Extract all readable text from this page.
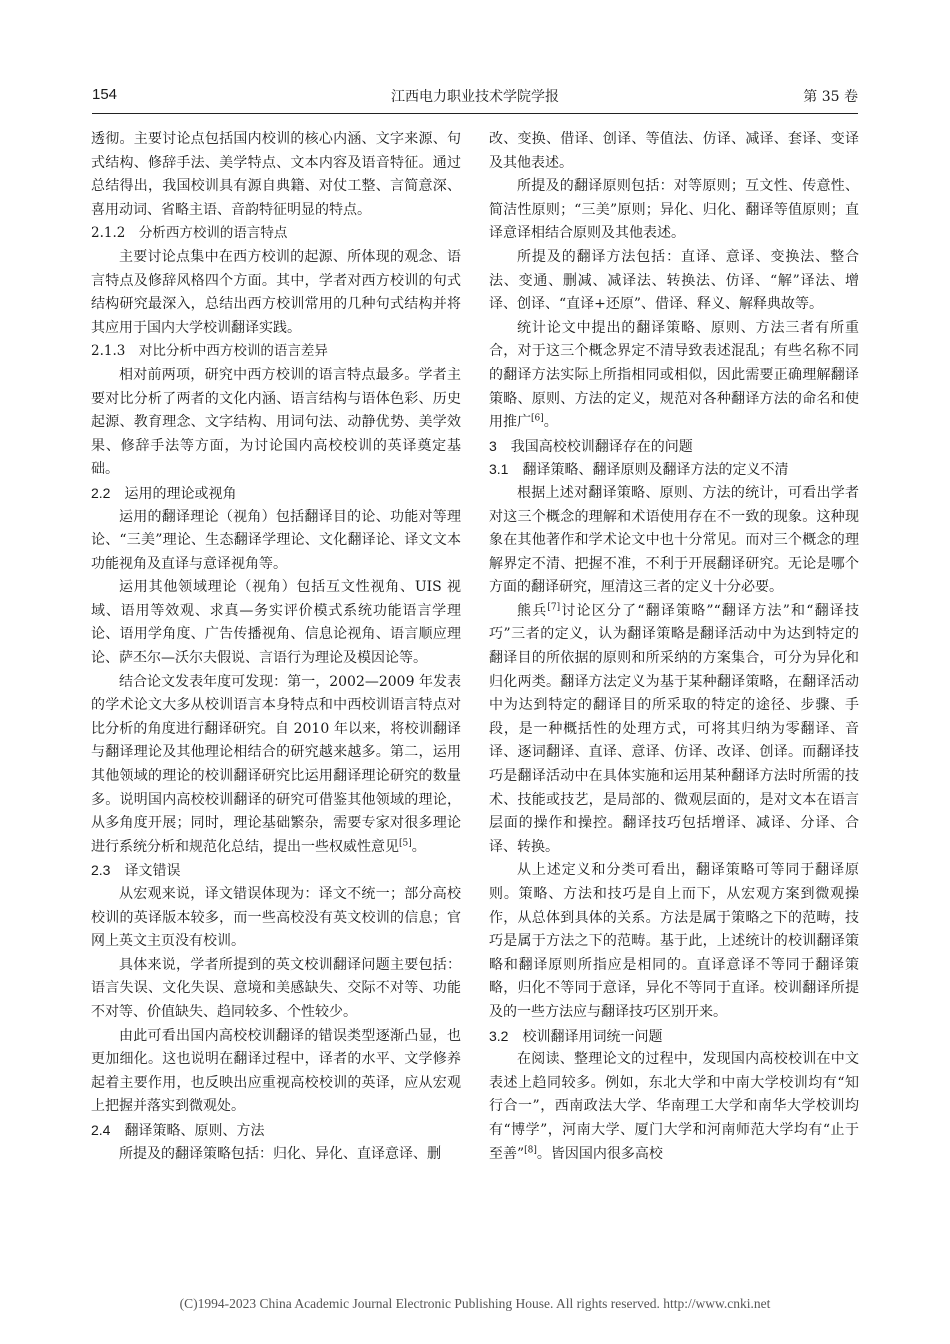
154	江西电力职业技术学院学报	第 35 卷

透彻。主要讨论点包括国内校训的核心内涵、文字来源、句式结构、修辞手法、美学特点、文本内容及语音特征。通过总结得出，我国校训具有源自典籍、对仗工整、言简意深、喜用动词、省略主语、音韵特征明显的特点。

2.1.2　分析西方校训的语言特点

主要讨论点集中在西方校训的起源、所体现的观念、语言特点及修辞风格四个方面。其中，学者对西方校训的句式结构研究最深入，总结出西方校训常用的几种句式结构并将其应用于国内大学校训翻译实践。

2.1.3　对比分析中西方校训的语言差异

相对前两项，研究中西方校训的语言特点最多。学者主要对比分析了两者的文化内涵、语言结构与语体色彩、历史起源、教育理念、文字结构、用词句法、动静优势、美学效果、修辞手法等方面，为讨论国内高校校训的英译奠定基础。

2.2　运用的理论或视角

运用的翻译理论（视角）包括翻译目的论、功能对等理论、“三美”理论、生态翻译学理论、文化翻译论、译文文本功能视角及直译与意译视角等。

运用其他领域理论（视角）包括互文性视角、UIS 视域、语用等效观、求真—务实评价模式系统功能语言学理论、语用学角度、广告传播视角、信息论视角、语言顺应理论、萨丕尔—沃尔夫假说、言语行为理论及模因论等。

结合论文发表年度可发现：第一，2002—2009 年发表的学术论文大多从校训语言本身特点和中西校训语言特点对比分析的角度进行翻译研究。自 2010 年以来，将校训翻译与翻译理论及其他理论相结合的研究越来越多。第二，运用其他领域的理论的校训翻译研究比运用翻译理论研究的数量多。说明国内高校校训翻译的研究可借鉴其他领域的理论，从多角度开展；同时，理论基础繁杂，需要专家对很多理论进行系统分析和规范化总结，提出一些权威性意见[5]。

2.3　译文错误

从宏观来说，译文错误体现为：译文不统一；部分高校校训的英译版本较多，而一些高校没有英文校训的信息；官网上英文主页没有校训。

具体来说，学者所提到的英文校训翻译问题主要包括：语言失误、文化失误、意境和美感缺失、交际不对等、功能不对等、价值缺失、趋同较多、个性较少。

由此可看出国内高校校训翻译的错误类型逐渐凸显，也更加细化。这也说明在翻译过程中，译者的水平、文学修养起着主要作用，也反映出应重视高校校训的英译，应从宏观上把握并落实到微观处。

2.4　翻译策略、原则、方法

所提及的翻译策略包括：归化、异化、直译意译、删

改、变换、借译、创译、等值法、仿译、减译、套译、变译及其他表述。

所提及的翻译原则包括：对等原则；互文性、传意性、简洁性原则；“三美”原则；异化、归化、翻译等值原则；直译意译相结合原则及其他表述。

所提及的翻译方法包括：直译、意译、变换法、整合法、变通、删减、减译法、转换法、仿译、“解”译法、增译、创译、“直译+还原”、借译、释义、解释典故等。

统计论文中提出的翻译策略、原则、方法三者有所重合，对于这三个概念界定不清导致表述混乱；有些名称不同的翻译方法实际上所指相同或相似，因此需要正确理解翻译策略、原则、方法的定义，规范对各种翻译方法的命名和使用推广[6]。

3　我国高校校训翻译存在的问题
3.1　翻译策略、翻译原则及翻译方法的定义不清

根据上述对翻译策略、原则、方法的统计，可看出学者对这三个概念的理解和术语使用存在不一致的现象。这种现象在其他著作和学术论文中也十分常见。而对三个概念的理解界定不清、把握不准，不利于开展翻译研究。无论是哪个方面的翻译研究，厘清这三者的定义十分必要。

熊兵[7]讨论区分了“翻译策略”“翻译方法”和“翻译技巧”三者的定义，认为翻译策略是翻译活动中为达到特定的翻译目的所依据的原则和所采纳的方案集合，可分为异化和归化两类。翻译方法定义为基于某种翻译策略，在翻译活动中为达到特定的翻译目的所采取的特定的途径、步骤、手段，是一种概括性的处理方式，可将其归纳为零翻译、音译、逐词翻译、直译、意译、仿译、改译、创译。而翻译技巧是翻译活动中在具体实施和运用某种翻译方法时所需的技术、技能或技艺，是局部的、微观层面的，是对文本在语言层面的操作和操控。翻译技巧包括增译、减译、分译、合译、转换。

从上述定义和分类可看出，翻译策略可等同于翻译原则。策略、方法和技巧是自上而下，从宏观方案到微观操作，从总体到具体的关系。方法是属于策略之下的范畴，技巧是属于方法之下的范畴。基于此，上述统计的校训翻译策略和翻译原则所指应是相同的。直译意译不等同于翻译策略，归化不等同于意译，异化不等同于直译。校训翻译所提及的一些方法应与翻译技巧区别开来。

3.2　校训翻译用词统一问题

在阅读、整理论文的过程中，发现国内高校校训在中文表述上趋同较多。例如，东北大学和中南大学校训均有“知行合一”，西南政法大学、华南理工大学和南华大学校训均有“博学”，河南大学、厦门大学和河南师范大学均有“止于至善”[8]。皆因国内很多高校

(C)1994-2023 China Academic Journal Electronic Publishing House. All rights reserved. http://www.cnki.net
